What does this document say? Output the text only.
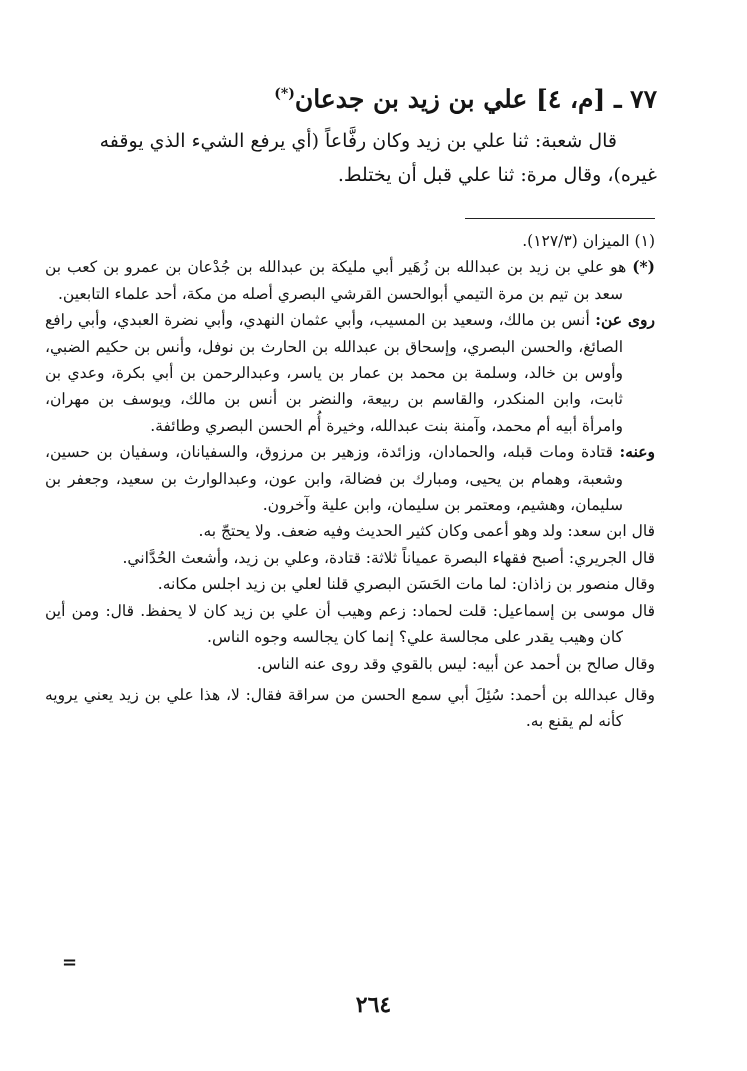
٧٧ ـ [م، ٤] علي بن زيد بن جدعان(*)

قال شعبة: ثنا علي بن زيد وكان رفَّاعاً (أي يرفع الشيء الذي يوقفه

غيره)، وقال مرة: ثنا علي قبل أن يختلط.

(١) الميزان (١٢٧/٣).

(*) هو علي بن زيد بن عبدالله بن زُهَير أبي مليكة بن عبدالله بن جُدْعان بن عمرو بن كعب بن سعد بن تيم بن مرة التيمي أبوالحسن القرشي البصري أصله من مكة، أحد علماء التابعين.

روى عن: أنس بن مالك، وسعيد بن المسيب، وأبي عثمان النهدي، وأبي نضرة العبدي، وأبي رافع الصائغ، والحسن البصري، وإسحاق بن عبدالله بن الحارث بن نوفل، وأنس بن حكيم الضبي، وأوس بن خالد، وسلمة بن محمد بن عمار بن ياسر، وعبدالرحمن بن أبي بكرة، وعدي بن ثابت، وابن المنكدر، والقاسم بن ربيعة، والنضر بن أنس بن مالك، ويوسف بن مهران، وامرأة أبيه أم محمد، وآمنة بنت عبدالله، وخيرة أُم الحسن البصري وطائفة.

وعنه: قتادة ومات قبله، والحمادان، وزائدة، وزهير بن مرزوق، والسفيانان، وسفيان بن حسين، وشعبة، وهمام بن يحيى، ومبارك بن فضالة، وابن عون، وعبدالوارث بن سعيد، وجعفر بن سليمان، وهشيم، ومعتمر بن سليمان، وابن علية وآخرون.

قال ابن سعد: ولد وهو أعمى وكان كثير الحديث وفيه ضعف. ولا يحتجّ به.

قال الجريري: أصبح فقهاء البصرة عمياناً ثلاثة: قتادة، وعلي بن زيد، وأشعث الحُدَّاني.

وقال منصور بن زاذان: لما مات الحَسَن البصري قلنا لعلي بن زيد اجلس مكانه.

قال موسى بن إسماعيل: قلت لحماد: زعم وهيب أن علي بن زيد كان لا يحفظ. قال: ومن أين كان وهيب يقدر على مجالسة علي؟ إنما كان يجالسه وجوه الناس.

وقال صالح بن أحمد عن أبيه: ليس بالقوي وقد روى عنه الناس.

وقال عبدالله بن أحمد: سُئِلَ أبي سمع الحسن من سراقة فقال: لا، هذا علي بن زيد يعني يرويه كأنه لم يقنع به.

=
٢٦٤
